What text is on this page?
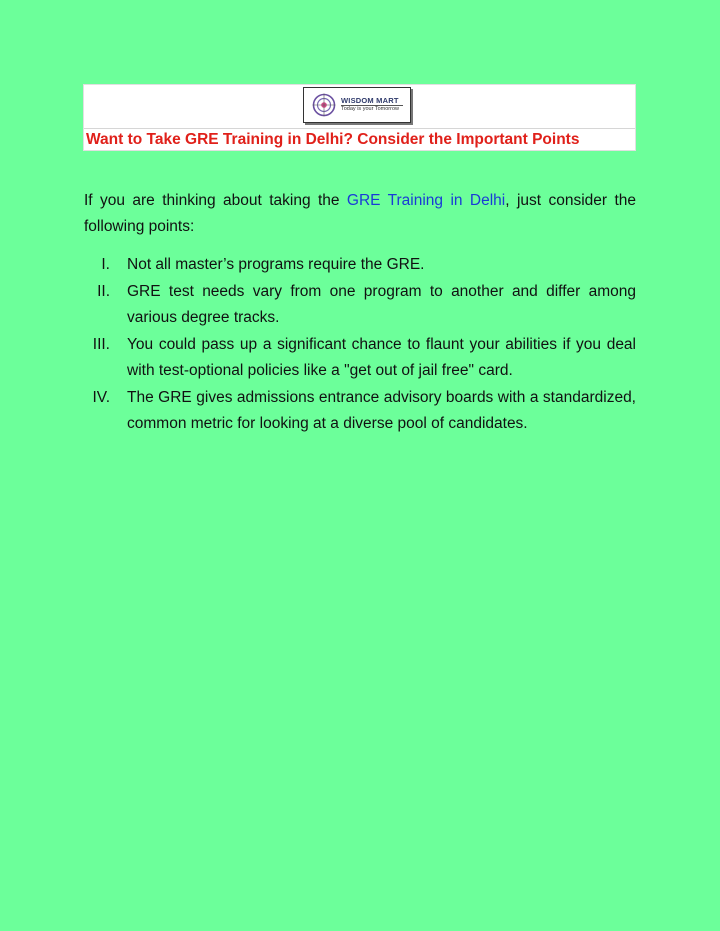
WISDOM MART
Today is your Tomorrow
Want to Take GRE Training in Delhi? Consider the Important Points

If you are thinking about taking the GRE Training in Delhi, just consider the following points:

I. Not all master’s programs require the GRE.
II. GRE test needs vary from one program to another and differ among various degree tracks.
III. You could pass up a significant chance to flaunt your abilities if you deal with test-optional policies like a "get out of jail free" card.
IV. The GRE gives admissions entrance advisory boards with a standardized, common metric for looking at a diverse pool of candidates.
